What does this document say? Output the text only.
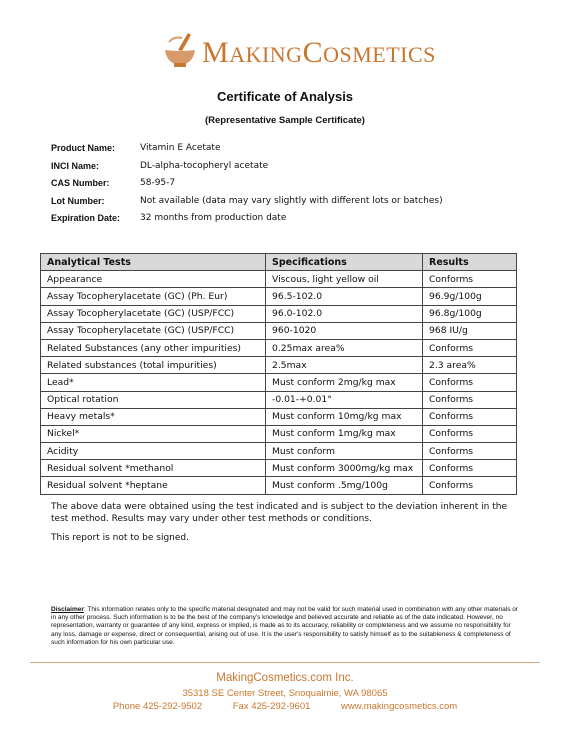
MAKINGCOSMETICS
Certificate of Analysis
(Representative Sample Certificate)
Product Name:	Vitamin E Acetate
INCI Name:	DL-alpha-tocopheryl acetate
CAS Number:	58-95-7
Lot Number:	Not available (data may vary slightly with different lots or batches)
Expiration Date:	32 months from production date
Analytical Tests	Specifications	Results
Appearance	Viscous, light yellow oil	Conforms
Assay Tocopherylacetate (GC) (Ph. Eur)	96.5-102.0	96.9g/100g
Assay Tocopherylacetate (GC) (USP/FCC)	96.0-102.0	96.8g/100g
Assay Tocopherylacetate (GC) (USP/FCC)	960-1020	968 IU/g
Related Substances (any other impurities)	0.25max area%	Conforms
Related substances (total impurities)	2.5max	2.3 area%
Lead*	Must conform 2mg/kg max	Conforms
Optical rotation	-0.01-+0.01°	Conforms
Heavy metals*	Must conform 10mg/kg max	Conforms
Nickel*	Must conform 1mg/kg max	Conforms
Acidity	Must conform	Conforms
Residual solvent *methanol	Must conform 3000mg/kg max	Conforms
Residual solvent *heptane	Must conform .5mg/100g	Conforms
The above data were obtained using the test indicated and is subject to the deviation inherent in the test method. Results may vary under other test methods or conditions.
This report is not to be signed.
Disclaimer: This information relates only to the specific material designated and may not be valid for such material used in combination with any other materials or in any other process. Such information is to be the best of the company's knowledge and believed accurate and reliable as of the date indicated. However, no representation, warranty or guarantee of any kind, express or implied, is made as to its accuracy, reliability or completeness and we assume no responsibility for any loss, damage or expense, direct or consequential, arising out of use. It is the user's responsibility to satisfy himself as to the suitableness & completeness of such information for his own particular use.
MakingCosmetics.com Inc.
35318 SE Center Street, Snoqualmie, WA 98065
Phone 425-292-9502	Fax 425-292-9601	www.makingcosmetics.com
